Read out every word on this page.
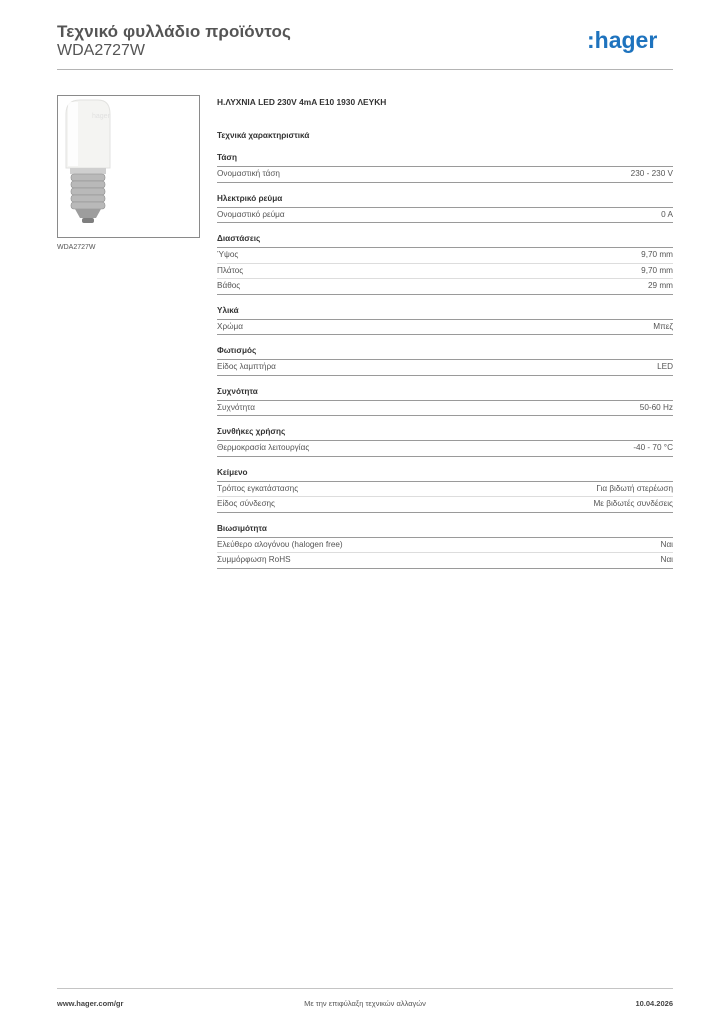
Τεχνικό φυλλάδιο προϊόντος
WDA2727W	:hager
hager
WDA2727W
Η.ΛΥΧΝΙΑ LED 230V 4mA E10 1930 ΛΕΥΚΗ
Τεχνικά χαρακτηριστικά
Τάση
Ονομαστική τάση	230 - 230 V
Ηλεκτρικό ρεύμα
Ονομαστικό ρεύμα	0 A
Διαστάσεις
Ύψος	9,70 mm
Πλάτος	9,70 mm
Βάθος	29 mm
Υλικά
Χρώμα	Μπεζ
Φωτισμός
Είδος λαμπτήρα	LED
Συχνότητα
Συχνότητα	50-60 Hz
Συνθήκες χρήσης
Θερμοκρασία λειτουργίας	-40 - 70 °C
Κείμενο
Τρόπος εγκατάστασης	Για βιδωτή στερέωση
Είδος σύνδεσης	Με βιδωτές συνδέσεις
Βιωσιμότητα
Ελεύθερο αλογόνου (halogen free)	Ναι
Συμμόρφωση RoHS	Ναι
www.hager.com/gr	Με την επιφύλαξη τεχνικών αλλαγών	10.04.2026
